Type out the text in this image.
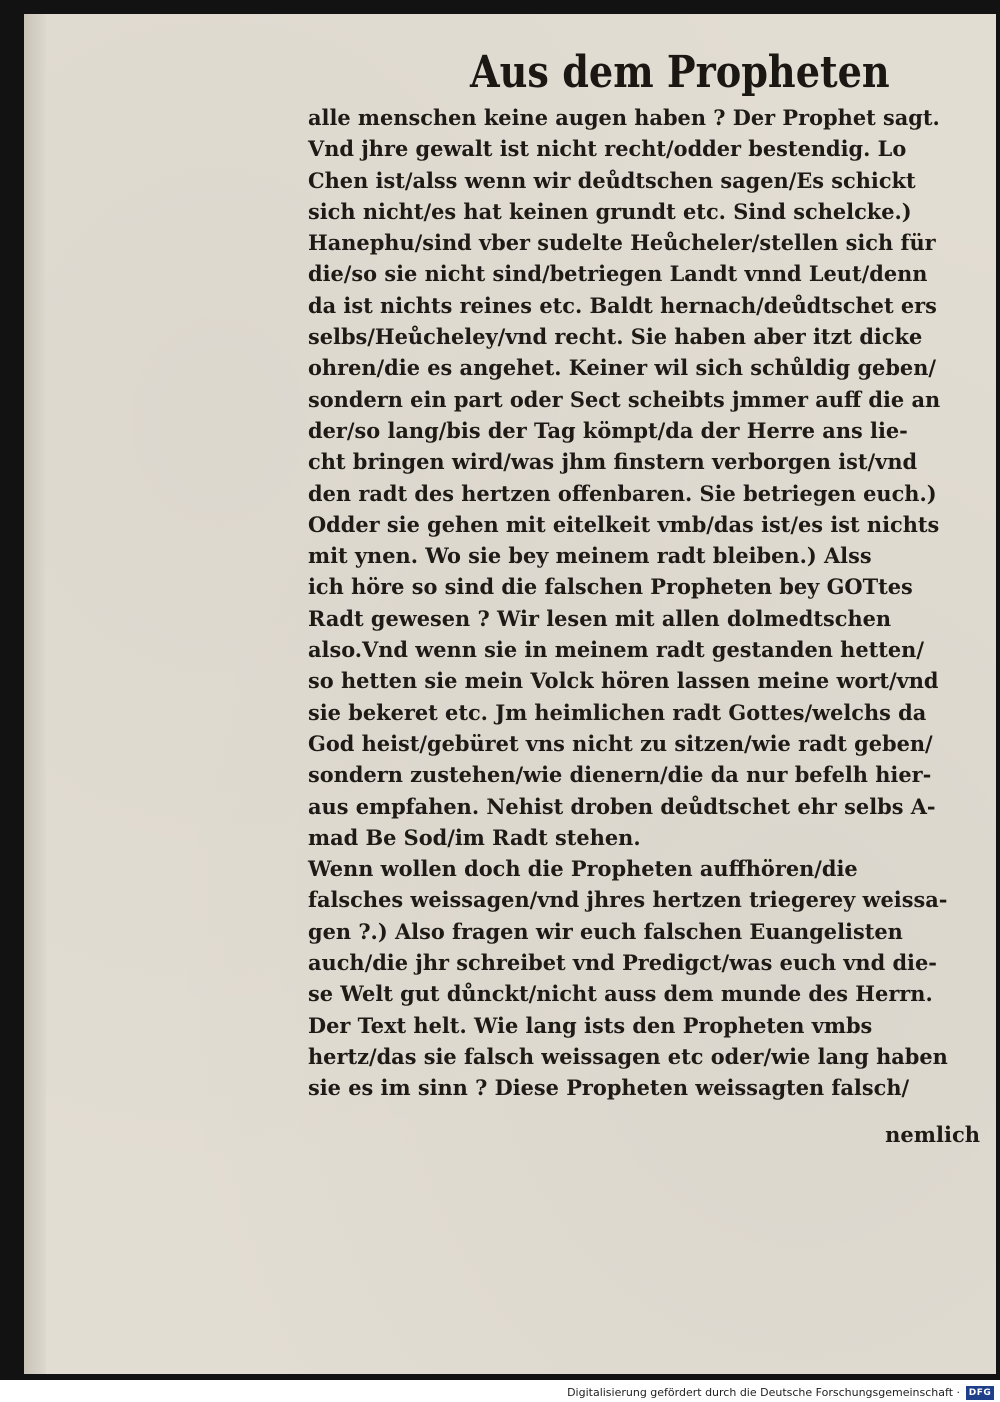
Aus dem Propheten
alle menschen keine augen haben ? Der Prophet sagt.
Vnd jhre gewalt ist nicht recht/odder bestendig. Lo
Chen ist/alss wenn wir deůdtschen sagen/Es schickt
sich nicht/es hat keinen grundt etc. Sind schelcke.)
Hanephu/sind vber sudelte Heůcheler/stellen sich für
die/so sie nicht sind/betriegen Landt vnnd Leut/denn
da ist nichts reines etc. Baldt hernach/deůdtschet ers
selbs/Heůcheley/vnd recht. Sie haben aber itzt dicke
ohren/die es angehet. Keiner wil sich schůldig geben/
sondern ein part oder Sect scheibts jmmer auff die an
der/so lang/bis der Tag kömpt/da der Herre ans lie-
cht bringen wird/was jhm finstern verborgen ist/vnd
den radt des hertzen offenbaren. Sie betriegen euch.)
Odder sie gehen mit eitelkeit vmb/das ist/es ist nichts
mit ynen. Wo sie bey meinem radt bleiben.) Alss
ich höre so sind die falschen Propheten bey GOTtes
Radt gewesen ? Wir lesen mit allen dolmedtschen
also.Vnd wenn sie in meinem radt gestanden hetten/
so hetten sie mein Volck hören lassen meine wort/vnd
sie bekeret etc. Jm heimlichen radt Gottes/welchs da
God heist/gebüret vns nicht zu sitzen/wie radt geben/
sondern zustehen/wie dienern/die da nur befelh hier-
aus empfahen. Nehist droben deůdtschet ehr selbs A-
mad Be Sod/im Radt stehen.
Wenn wollen doch die Propheten auffhören/die
falsches weissagen/vnd jhres hertzen triegerey weissa-
gen ?.) Also fragen wir euch falschen Euangelisten
auch/die jhr schreibet vnd Predigct/was euch vnd die-
se Welt gut důnckt/nicht auss dem munde des Herrn.
Der Text helt. Wie lang ists den Propheten vmbs
hertz/das sie falsch weissagen etc oder/wie lang haben
sie es im sinn ? Diese Propheten weissagten falsch/
nemlich
Digitalisierung gefördert durch die Deutsche Forschungsgemeinschaft · DFG
